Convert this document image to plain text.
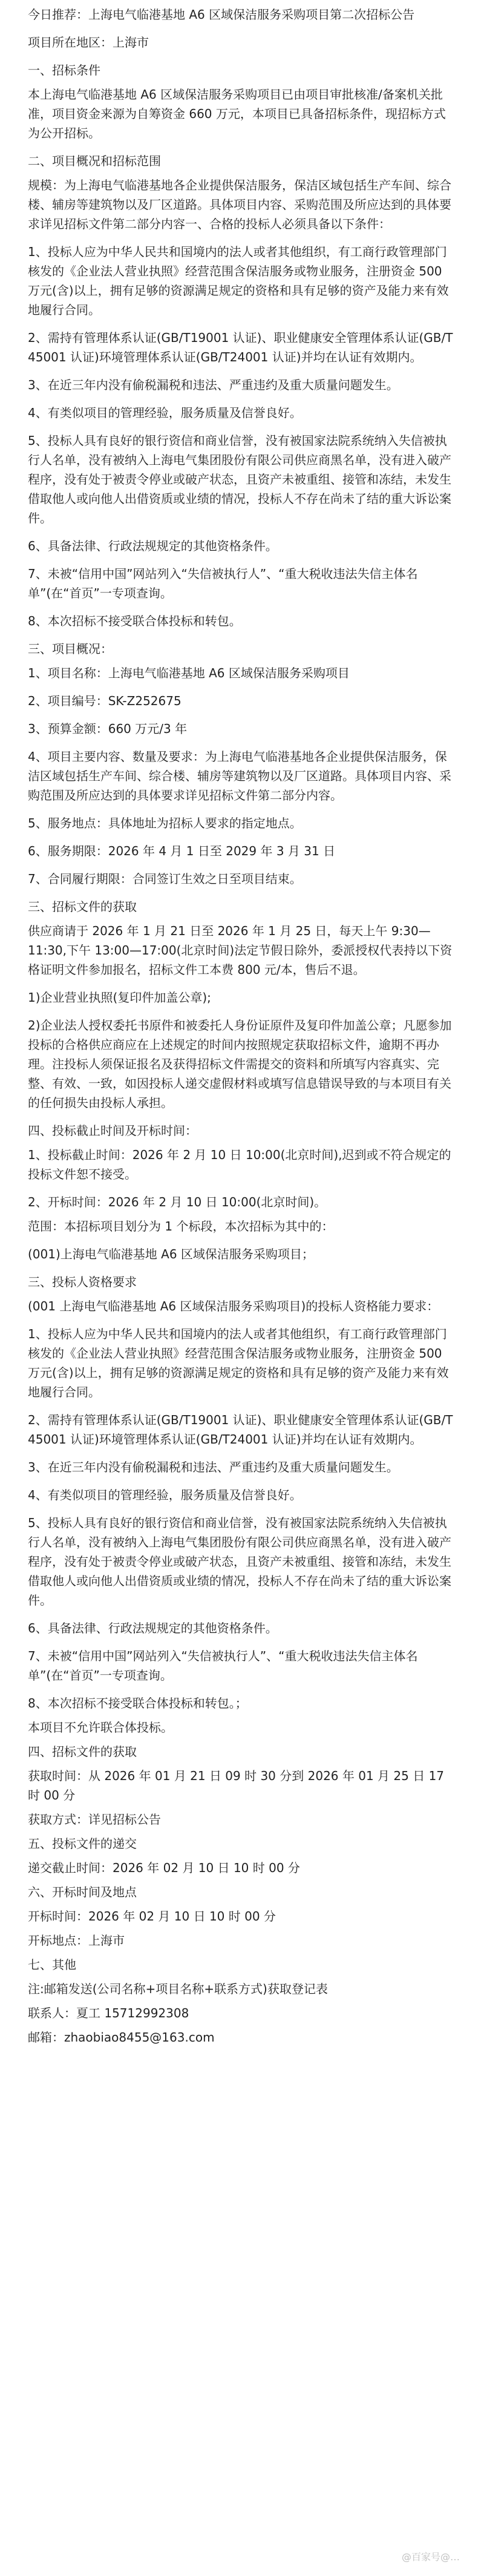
今日推荐：上海电气临港基地 A6 区域保洁服务采购项目第二次招标公告

项目所在地区：上海市

一、招标条件

本上海电气临港基地 A6 区域保洁服务采购项目已由项目审批核准/备案机关批准，项目资金来源为自筹资金 660 万元，本项目已具备招标条件，现招标方式为公开招标。

二、项目概况和招标范围

规模：为上海电气临港基地各企业提供保洁服务，保洁区域包括生产车间、综合楼、辅房等建筑物以及厂区道路。具体项目内容、采购范围及所应达到的具体要求详见招标文件第二部分内容一、合格的投标人必须具备以下条件：

1、投标人应为中华人民共和国境内的法人或者其他组织，有工商行政管理部门核发的《企业法人营业执照》经营范围含保洁服务或物业服务，注册资金 500 万元(含)以上，拥有足够的资源满足规定的资格和具有足够的资产及能力来有效地履行合同。

2、需持有管理体系认证(GB/T19001 认证)、职业健康安全管理体系认证(GB/T 45001 认证)环境管理体系认证(GB/T24001 认证)并均在认证有效期内。

3、在近三年内没有偷税漏税和违法、严重违约及重大质量问题发生。

4、有类似项目的管理经验，服务质量及信誉良好。

5、投标人具有良好的银行资信和商业信誉，没有被国家法院系统纳入失信被执行人名单，没有被纳入上海电气集团股份有限公司供应商黑名单，没有进入破产程序，没有处于被责令停业或破产状态，且资产未被重组、接管和冻结，未发生借取他人或向他人出借资质或业绩的情况，投标人不存在尚未了结的重大诉讼案件。

6、具备法律、行政法规规定的其他资格条件。

7、未被“信用中国”网站列入“失信被执行人”、“重大税收违法失信主体名单”(在“首页”一专项查询。

8、本次招标不接受联合体投标和转包。

三、项目概况：

1、项目名称：上海电气临港基地 A6 区域保洁服务采购项目

2、项目编号：SK-Z252675

3、预算金额：660 万元/3 年

4、项目主要内容、数量及要求：为上海电气临港基地各企业提供保洁服务，保洁区域包括生产车间、综合楼、辅房等建筑物以及厂区道路。具体项目内容、采购范围及所应达到的具体要求详见招标文件第二部分内容。

5、服务地点：具体地址为招标人要求的指定地点。

6、服务期限：2026 年 4 月 1 日至 2029 年 3 月 31 日

7、合同履行期限：合同签订生效之日至项目结束。

三、招标文件的获取

供应商请于 2026 年 1 月 21 日至 2026 年 1 月 25 日，每天上午 9:30—11:30,下午 13:00—17:00(北京时间)法定节假日除外，委派授权代表持以下资格证明文件参加报名，招标文件工本费 800 元/本，售后不退。

1)企业营业执照(复印件加盖公章);

2)企业法人授权委托书原件和被委托人身份证原件及复印件加盖公章；凡愿参加投标的合格供应商应在上述规定的时间内按照规定获取招标文件，逾期不再办理。注投标人须保证报名及获得招标文件需提交的资料和所填写内容真实、完整、有效、一致，如因投标人递交虚假材料或填写信息错误导致的与本项目有关的任何损失由投标人承担。

四、投标截止时间及开标时间：

1、投标截止时间：2026 年 2 月 10 日 10:00(北京时间),迟到或不符合规定的投标文件恕不接受。

2、开标时间：2026 年 2 月 10 日 10:00(北京时间)。

范围：本招标项目划分为 1 个标段，本次招标为其中的：

(001)上海电气临港基地 A6 区域保洁服务采购项目；

三、投标人资格要求

(001 上海电气临港基地 A6 区域保洁服务采购项目)的投标人资格能力要求：

1、投标人应为中华人民共和国境内的法人或者其他组织，有工商行政管理部门核发的《企业法人营业执照》经营范围含保洁服务或物业服务，注册资金 500 万元(含)以上，拥有足够的资源满足规定的资格和具有足够的资产及能力来有效地履行合同。

2、需持有管理体系认证(GB/T19001 认证)、职业健康安全管理体系认证(GB/T 45001 认证)环境管理体系认证(GB/T24001 认证)并均在认证有效期内。

3、在近三年内没有偷税漏税和违法、严重违约及重大质量问题发生。

4、有类似项目的管理经验，服务质量及信誉良好。

5、投标人具有良好的银行资信和商业信誉，没有被国家法院系统纳入失信被执行人名单，没有被纳入上海电气集团股份有限公司供应商黑名单，没有进入破产程序，没有处于被责令停业或破产状态，且资产未被重组、接管和冻结，未发生借取他人或向他人出借资质或业绩的情况，投标人不存在尚未了结的重大诉讼案件。

6、具备法律、行政法规规定的其他资格条件。

7、未被“信用中国”网站列入“失信被执行人”、“重大税收违法失信主体名单”(在“首页”一专项查询。

8、本次招标不接受联合体投标和转包。；

本项目不允许联合体投标。

四、招标文件的获取

获取时间：从 2026 年 01 月 21 日 09 时 30 分到 2026 年 01 月 25 日 17 时 00 分

获取方式：详见招标公告

五、投标文件的递交

递交截止时间：2026 年 02 月 10 日 10 时 00 分

六、开标时间及地点

开标时间：2026 年 02 月 10 日 10 时 00 分

开标地点：上海市

七、其他

注:邮箱发送(公司名称+项目名称+联系方式)获取登记表

联系人：夏工 15712992308

邮箱：zhaobiao8455@163.com

@百家号@…
